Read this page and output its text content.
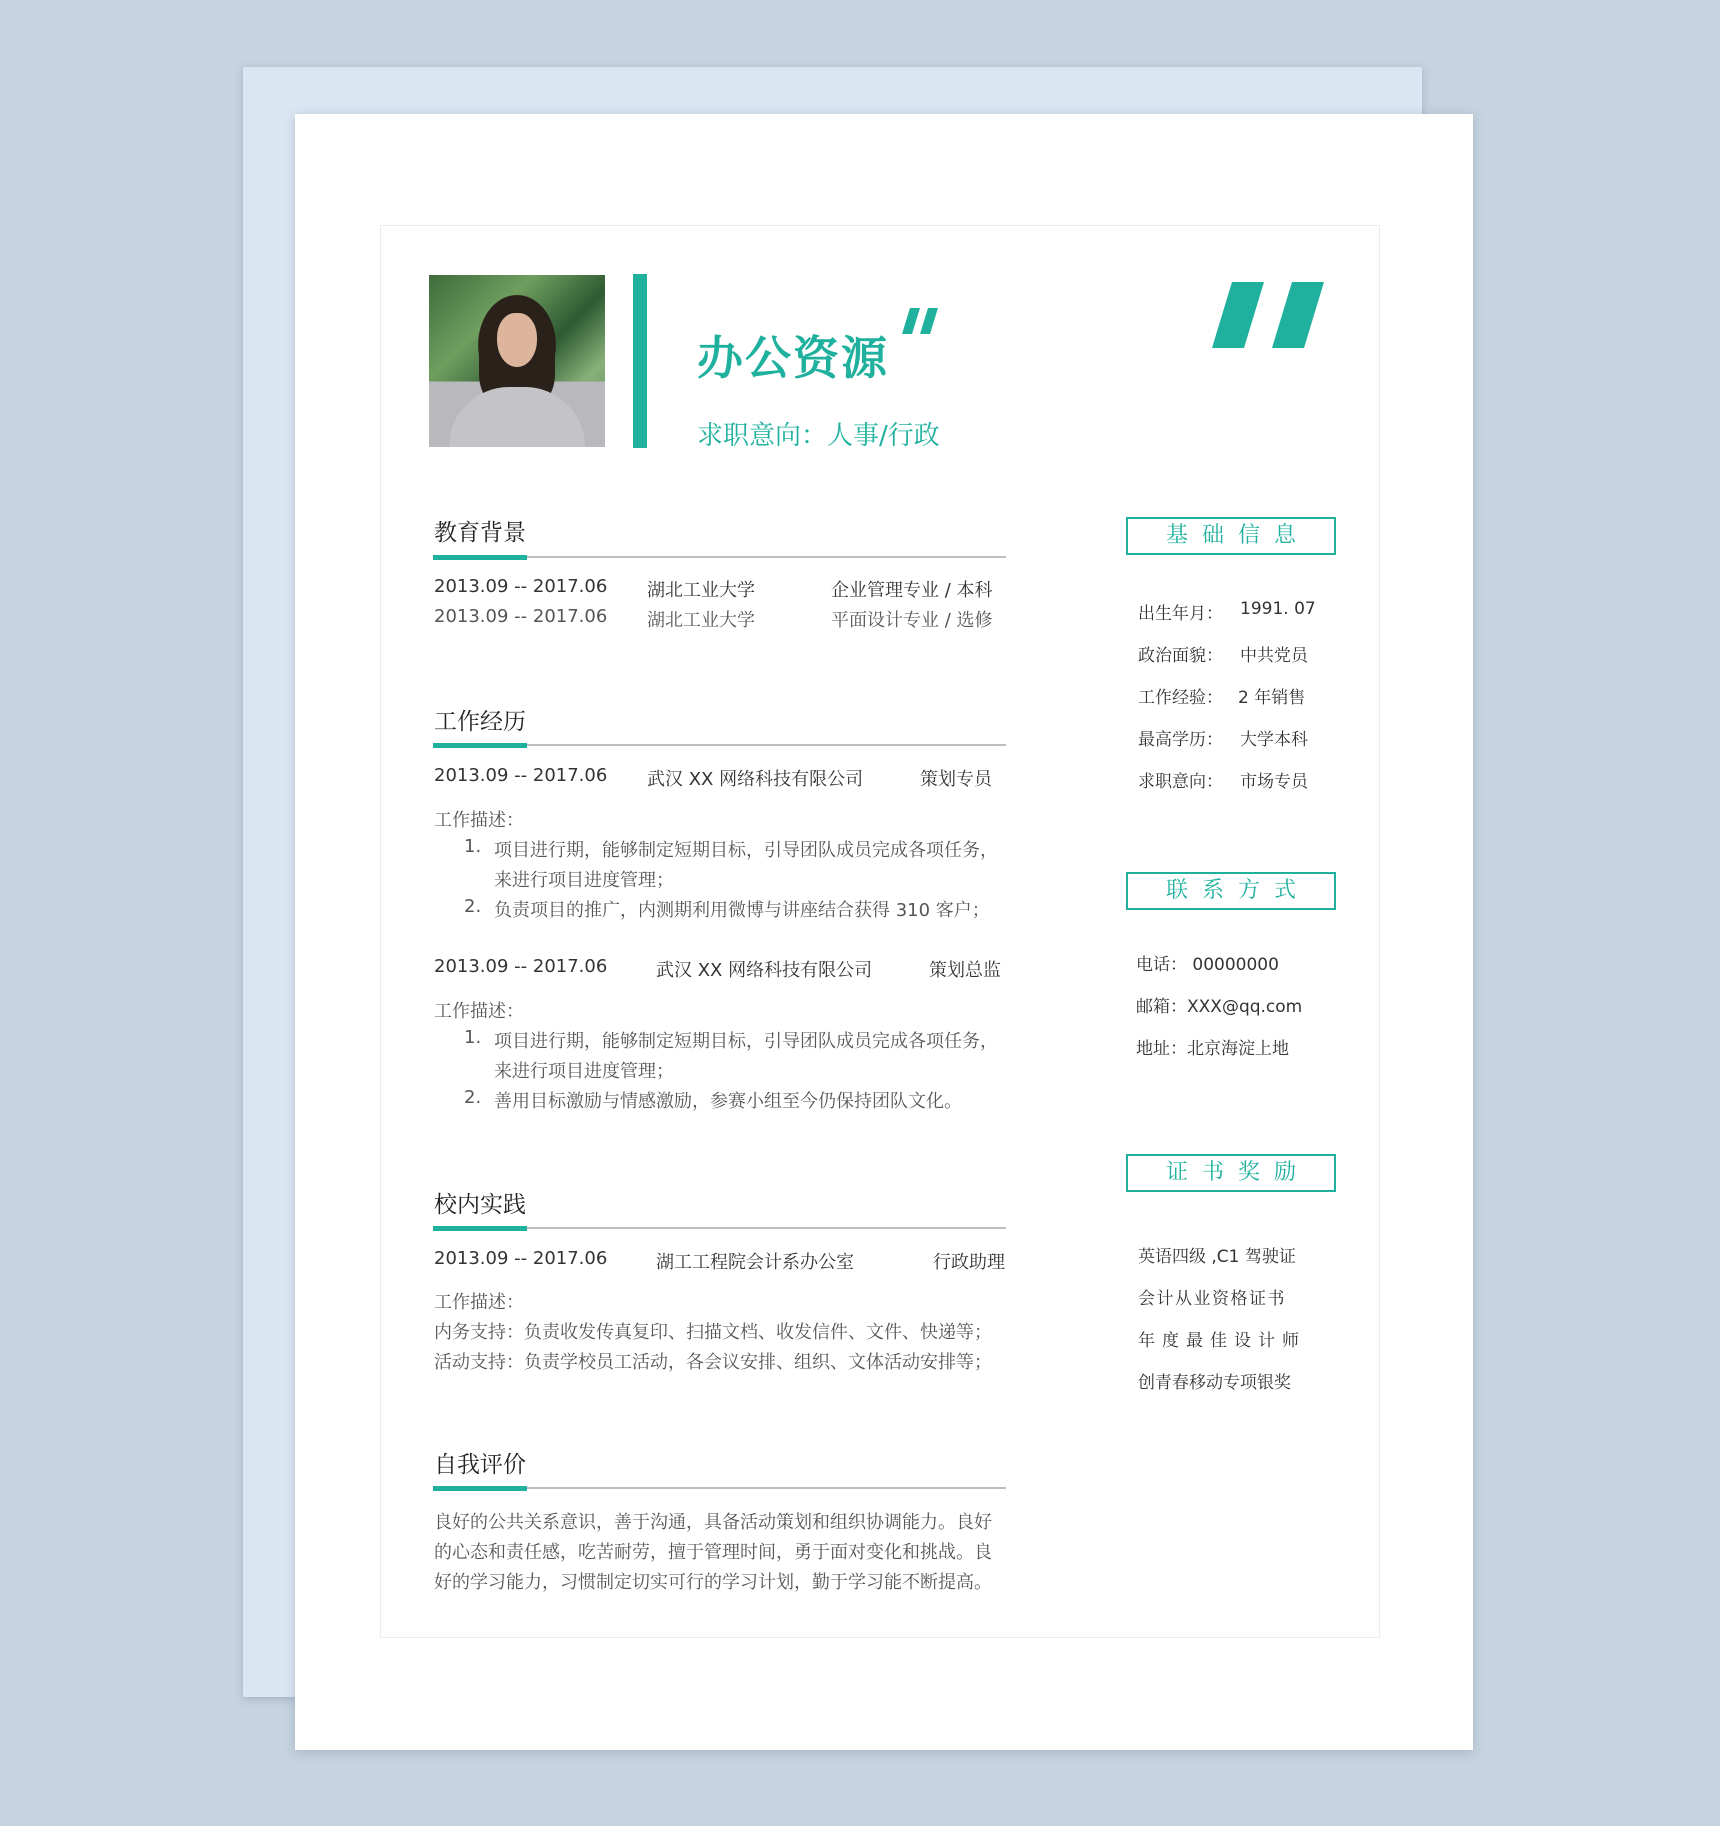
办公资源
求职意向：人事/行政
教育背景
2013.09 -- 2017.06 湖北工业大学	企业管理专业 / 本科
2013.09 -- 2017.06 湖北工业大学	平面设计专业 / 选修
工作经历
2013.09 -- 2017.06 武汉 XX 网络科技有限公司	策划专员
工作描述：
1. 项目进行期，能够制定短期目标，引导团队成员完成各项任务，
来进行项目进度管理；
2. 负责项目的推广，内测期利用微博与讲座结合获得 310 客户；
2013.09 -- 2017.06	武汉 XX 网络科技有限公司	策划总监
工作描述：
1. 项目进行期，能够制定短期目标，引导团队成员完成各项任务，
来进行项目进度管理；
2. 善用目标激励与情感激励，参赛小组至今仍保持团队文化。
校内实践
2013.09 -- 2017.06	湖工工程院会计系办公室	行政助理
工作描述：
内务支持：负责收发传真复印、扫描文档、收发信件、文件、快递等；
活动支持：负责学校员工活动，各会议安排、组织、文体活动安排等；
自我评价
良好的公共关系意识，善于沟通，具备活动策划和组织协调能力。良好
的心态和责任感，吃苦耐劳，擅于管理时间，勇于面对变化和挑战。良
好的学习能力，习惯制定切实可行的学习计划，勤于学习能不断提高。
基础信息
出生年月： 1991. 07
政治面貌： 中共党员
工作经验： 2 年销售
最高学历： 大学本科
求职意向： 市场专员
联系方式
电话： 00000000
邮箱：XXX@qq.com
地址：北京海淀上地
证书奖励
英语四级 ,C1 驾驶证
会计从业资格证书
年度最佳设计师
创青春移动专项银奖
